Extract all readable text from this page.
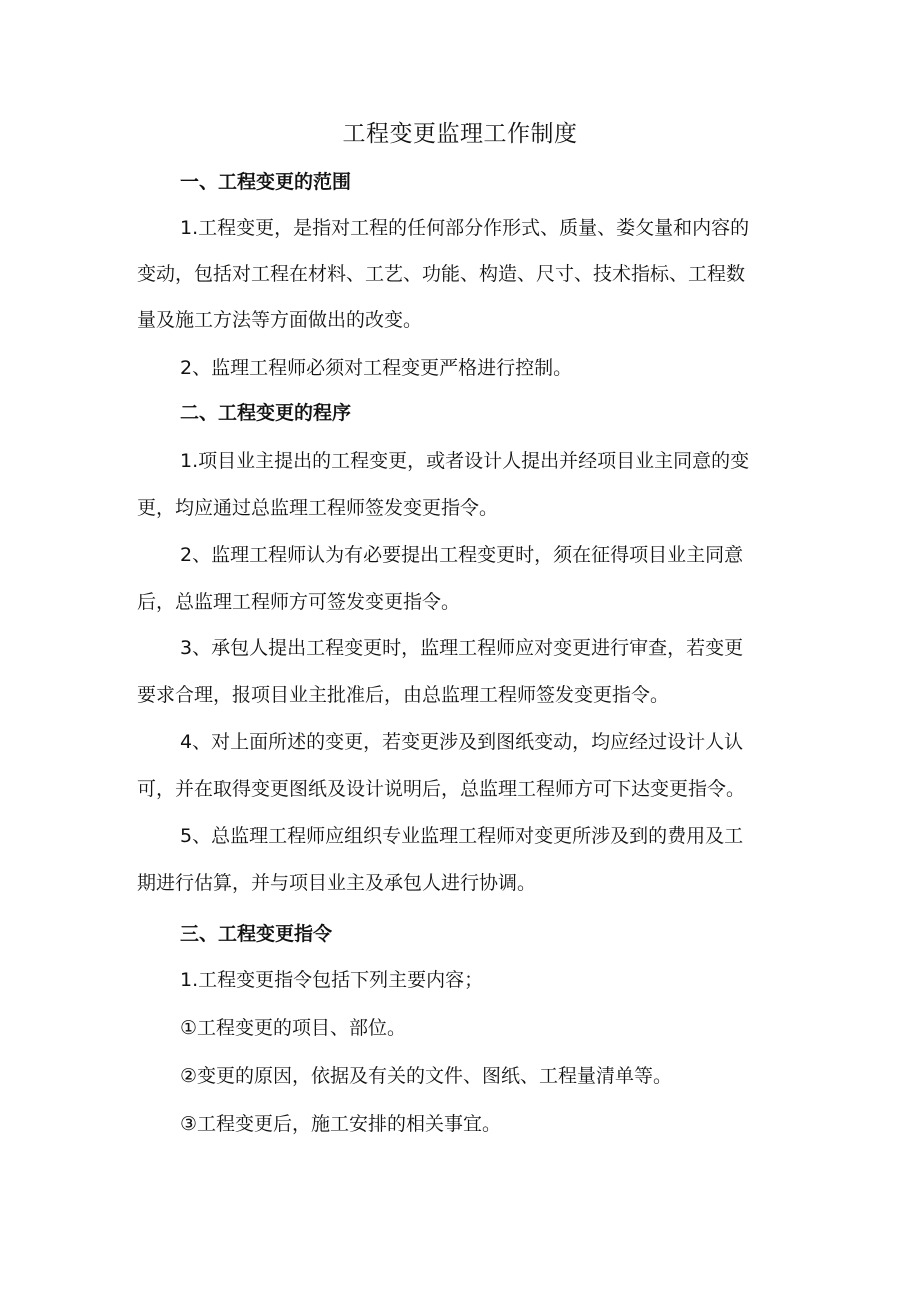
工程变更监理工作制度
一、工程变更的范围
1.工程变更，是指对工程的任何部分作形式、质量、娄攵量和内容的
变动，包括对工程在材料、工艺、功能、构造、尺寸、技术指标、工程数
量及施工方法等方面做出的改变。
2、监理工程师必须对工程变更严格进行控制。
二、工程变更的程序
1.项目业主提出的工程变更，或者设计人提出并经项目业主同意的变
更，均应通过总监理工程师签发变更指令。
2、监理工程师认为有必要提出工程变更时，须在征得项目业主同意
后，总监理工程师方可签发变更指令。
3、承包人提出工程变更时，监理工程师应对变更进行审查，若变更
要求合理，报项目业主批准后，由总监理工程师签发变更指令。
4、对上面所述的变更，若变更涉及到图纸变动，均应经过设计人认
可，并在取得变更图纸及设计说明后，总监理工程师方可下达变更指令。
5、总监理工程师应组织专业监理工程师对变更所涉及到的费用及工
期进行估算，并与项目业主及承包人进行协调。
三、工程变更指令
1.工程变更指令包括下列主要内容；
①工程变更的项目、部位。
②变更的原因，依据及有关的文件、图纸、工程量清单等。
③工程变更后，施工安排的相关事宜。
